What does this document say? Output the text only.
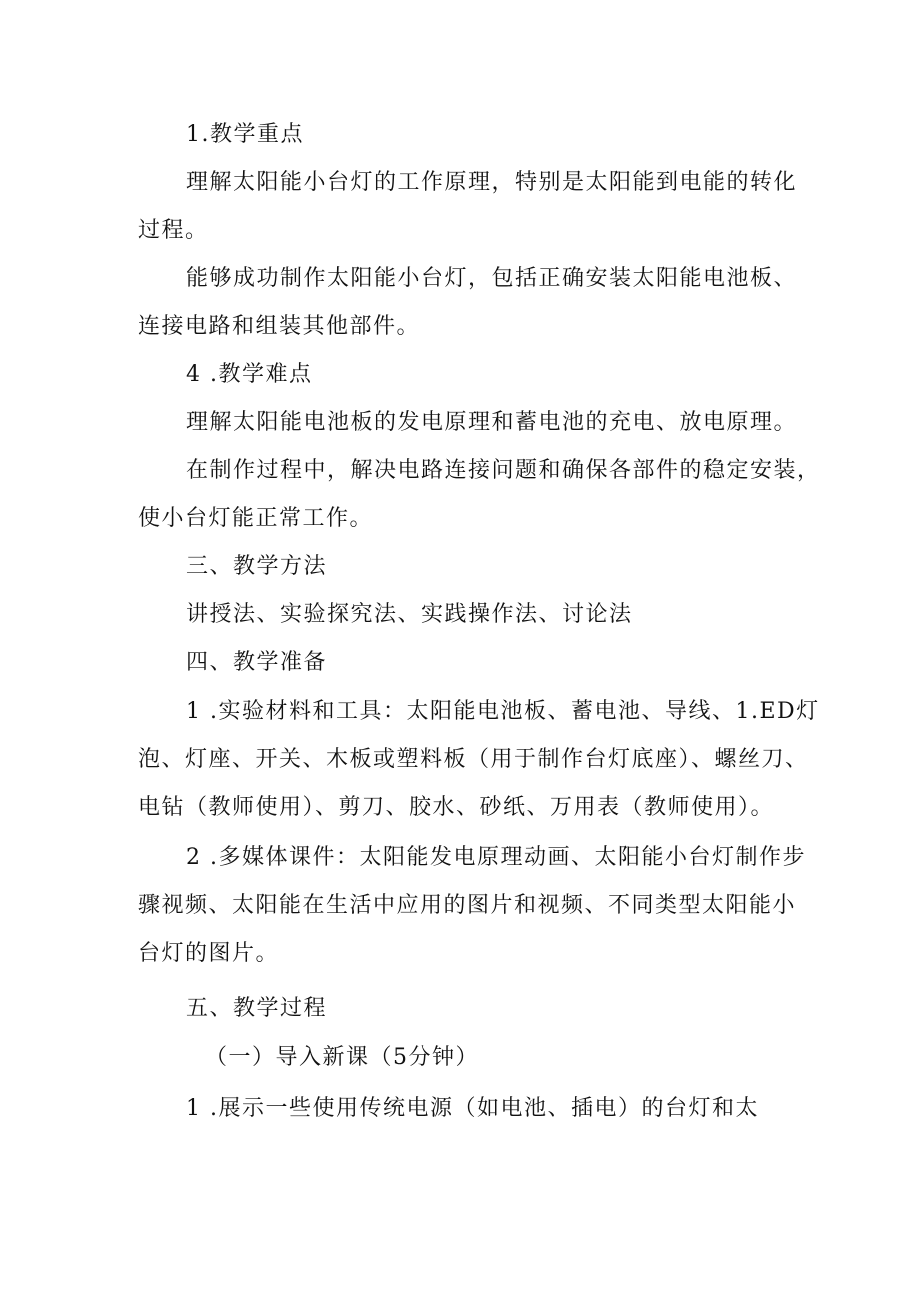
1.教学重点
理解太阳能小台灯的工作原理，特别是太阳能到电能的转化
过程。
能够成功制作太阳能小台灯，包括正确安装太阳能电池板、
连接电路和组装其他部件。
4 .教学难点
理解太阳能电池板的发电原理和蓄电池的充电、放电原理。
在制作过程中，解决电路连接问题和确保各部件的稳定安装，
使小台灯能正常工作。
三、教学方法
讲授法、实验探究法、实践操作法、讨论法
四、教学准备
1 .实验材料和工具：太阳能电池板、蓄电池、导线、1.ED灯
泡、灯座、开关、木板或塑料板（用于制作台灯底座）、螺丝刀、
电钻（教师使用）、剪刀、胶水、砂纸、万用表（教师使用）。
2 .多媒体课件：太阳能发电原理动画、太阳能小台灯制作步
骤视频、太阳能在生活中应用的图片和视频、不同类型太阳能小
台灯的图片。
五、教学过程
（一）导入新课（5分钟）
1 .展示一些使用传统电源（如电池、插电）的台灯和太
